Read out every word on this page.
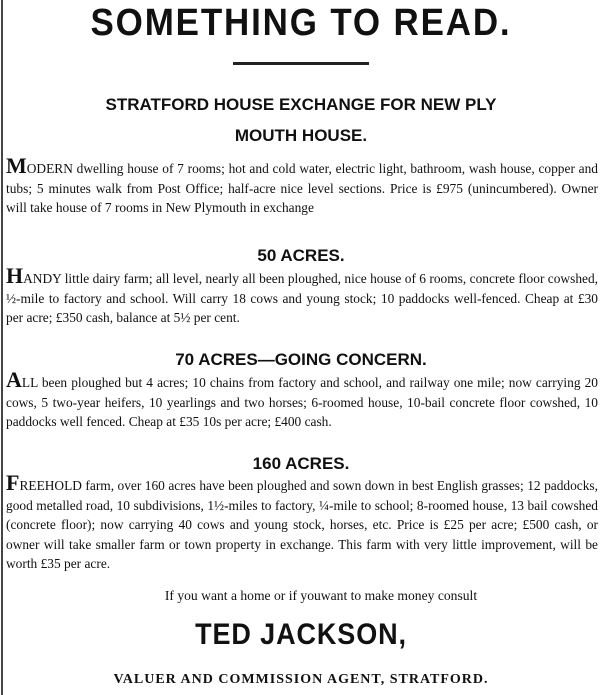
SOMETHING TO READ.
STRATFORD HOUSE EXCHANGE FOR NEW PLY
MOUTH HOUSE.
MODERN dwelling house of 7 rooms; hot and cold water, electric light, bathroom, wash house, copper and tubs; 5 minutes walk from Post Office; half-acre nice level sections. Price is £975 (unincumbered). Owner will take house of 7 rooms in New Plymouth in exchange
50 ACRES.
HANDY little dairy farm; all level, nearly all been ploughed, nice house of 6 rooms, concrete floor cowshed, ½-mile to factory and school. Will carry 18 cows and young stock; 10 paddocks well-fenced. Cheap at £30 per acre; £350 cash, balance at 5½ per cent.
70 ACRES—GOING CONCERN.
ALL been ploughed but 4 acres; 10 chains from factory and school, and railway one mile; now carrying 20 cows, 5 two-year heifers, 10 yearlings and two horses; 6-roomed house, 10-bail concrete floor cowshed, 10 paddocks well fenced. Cheap at £35 10s per acre; £400 cash.
160 ACRES.
FREEHOLD farm, over 160 acres have been ploughed and sown down in best English grasses; 12 paddocks, good metalled road, 10 subdivisions, 1½-miles to factory, ¼-mile to school; 8-roomed house, 13 bail cowshed (concrete floor); now carrying 40 cows and young stock, horses, etc. Price is £25 per acre; £500 cash, or owner will take smaller farm or town property in exchange. This farm with very little improvement, will be worth £35 per acre.
If you want a home or if youwant to make money consult
TED JACKSON,
VALUER AND COMMISSION AGENT, STRATFORD.
